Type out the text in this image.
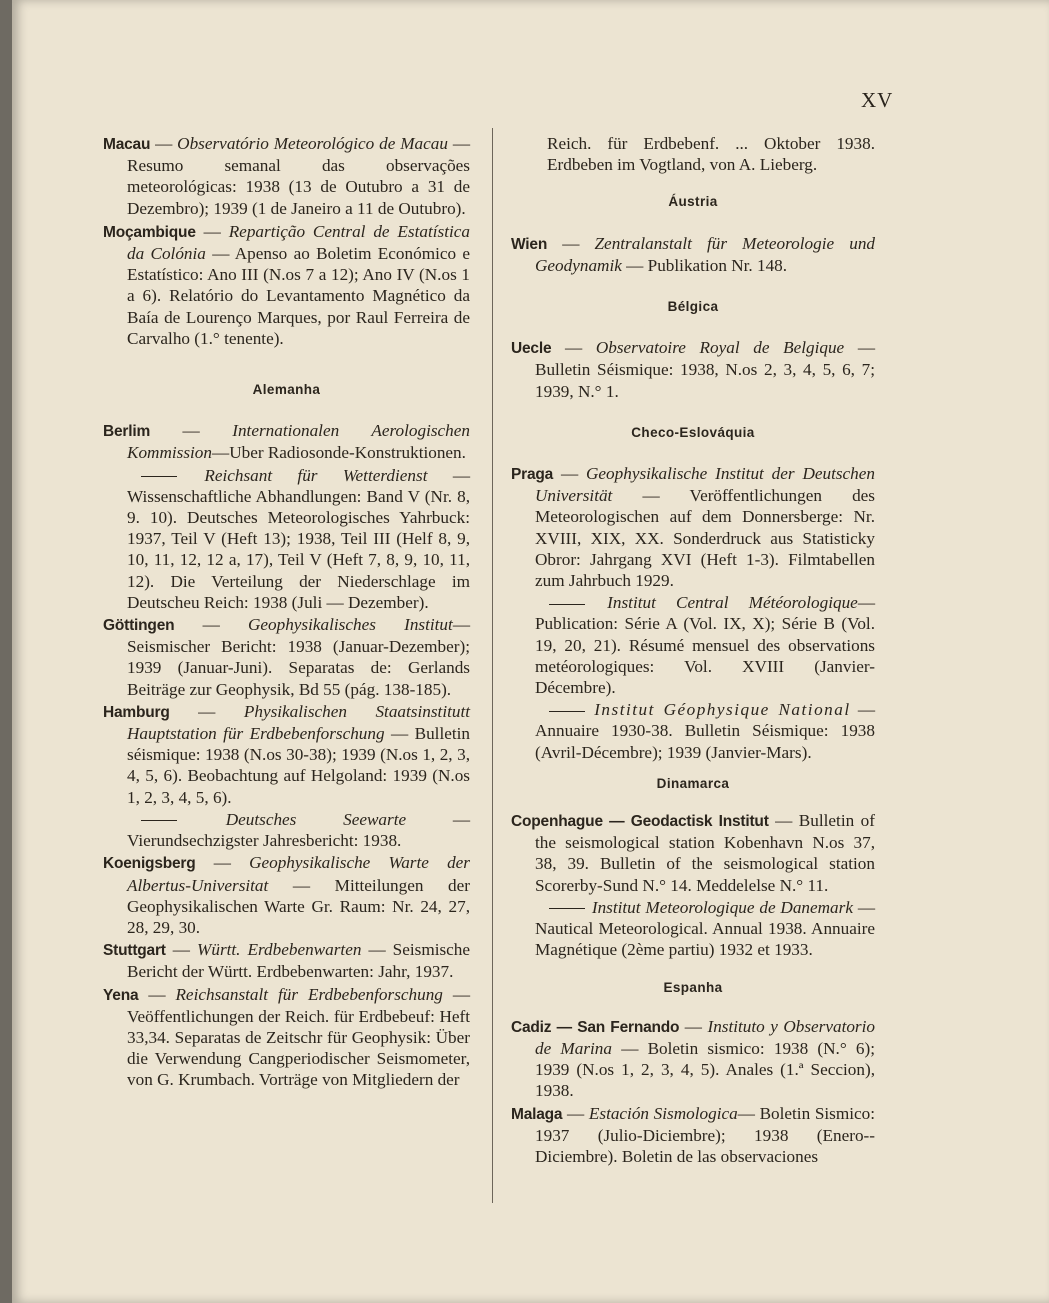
XV

Macau — Observatório Meteorológico de Macau — Resumo semanal das observações meteorológicas: 1938 (13 de Outubro a 31 de Dezembro); 1939 (1 de Janeiro a 11 de Outubro).

Moçambique — Repartição Central de Estatística da Colónia — Apenso ao Boletim Económico e Estatístico: Ano III (N.os 7 a 12); Ano IV (N.os 1 a 6). Relatório do Levantamento Magnético da Baía de Lourenço Marques, por Raul Ferreira de Carvalho (1.° tenente).

Alemanha

Berlim — Internationalen Aerologischen Kommission—Uber Radiosonde-Konstruktionen.

Reichsant für Wetterdienst — Wissenschaftliche Abhandlungen: Band V (Nr. 8, 9. 10). Deutsches Meteorologisches Yahrbuck: 1937, Teil V (Heft 13); 1938, Teil III (Helf 8, 9, 10, 11, 12, 12 a, 17), Teil V (Heft 7, 8, 9, 10, 11, 12). Die Verteilung der Niederschlage im Deutscheu Reich: 1938 (Juli — Dezember).

Göttingen — Geophysikalisches Institut— Seismischer Bericht: 1938 (Januar-Dezember); 1939 (Januar-Juni). Separatas de: Gerlands Beiträge zur Geophysik, Bd 55 (pág. 138-185).

Hamburg — Physikalischen Staatsinstitutt Hauptstation für Erdbebenforschung — Bulletin séismique: 1938 (N.os 30-38); 1939 (N.os 1, 2, 3, 4, 5, 6). Beobachtung auf Helgoland: 1939 (N.os 1, 2, 3, 4, 5, 6).

Deutsches Seewarte	— Vierundsechzigster Jahresbericht: 1938.

Koenigsberg — Geophysikalische Warte der Albertus-Universitat — Mitteilungen der Geophysikalischen Warte Gr. Raum: Nr. 24, 27, 28, 29, 30.

Stuttgart — Württ. Erdbebenwarten — Seismische Bericht der Württ. Erdbebenwarten: Jahr, 1937.

Yena — Reichsanstalt für Erdbebenforschung —Veöffentlichungen der Reich. für Erdbebeuf: Heft 33,34. Separatas de Zeitschr für Geophysik: Über die Verwendung Cangperiodischer Seismometer, von G. Krumbach. Vorträge von Mitgliedern der

Reich. für Erdbebenf. ... Oktober 1938. Erdbeben im Vogtland, von A. Lieberg.

Áustria

Wien — Zentralanstalt für Meteorologie und Geodynamik — Publikation Nr. 148.

Bélgica

Uecle — Observatoire Royal de Belgique — Bulletin Séismique: 1938, N.os 2, 3, 4, 5, 6, 7; 1939, N.° 1.

Checo-Eslováquia

Praga — Geophysikalische Institut der Deutschen Universität — Veröffentlichungen des Meteorologischen auf dem Donnersberge: Nr. XVIII, XIX, XX. Sonderdruck aus Statisticky Obror: Jahrgang XVI (Heft 1-3). Filmtabellen zum Jahrbuch 1929.

Institut Central Météorologique—Publication: Série A (Vol. IX, X); Série B (Vol. 19, 20, 21). Résumé mensuel des observations metéorologiques: Vol. XVIII (Janvier-Décembre).

Institut Géophysique National — Annuaire 1930-38. Bulletin Séismique: 1938 (Avril-Décembre); 1939 (Janvier-Mars).

Dinamarca

Copenhague — Geodactisk Institut — Bulletin of the seismological station Kobenhavn N.os 37, 38, 39. Bulletin of the seismological station Scorerby-Sund N.° 14. Meddelelse N.° 11.

Institut Meteorologique de Danemark — Nautical Meteorological. Annual 1938. Annuaire Magnétique (2ème partiu) 1932 et 1933.

Espanha

Cadiz — San Fernando — Instituto y Observatorio de Marina — Boletin sismico: 1938 (N.° 6); 1939 (N.os 1, 2, 3, 4, 5). Anales (1.ª Seccion), 1938.

Malaga — Estación Sismologica— Boletin Sismico: 1937 (Julio-Diciembre); 1938 (Enero--Diciembre). Boletin de las observaciones
